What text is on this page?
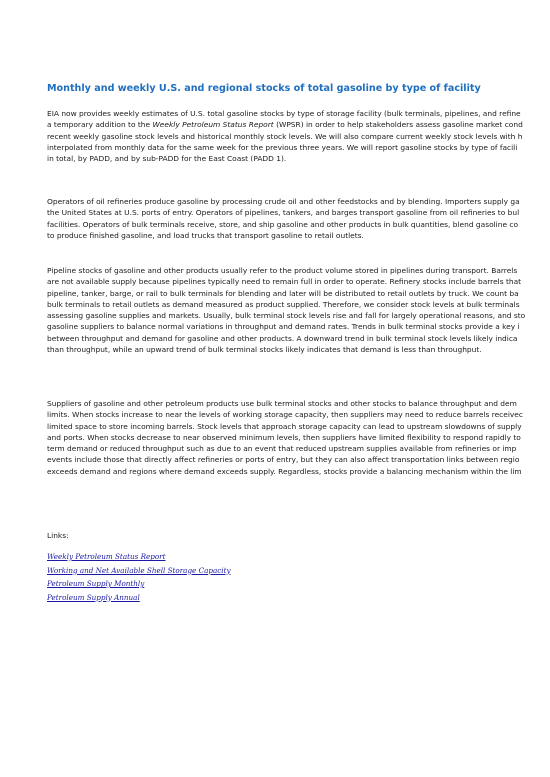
Monthly and weekly U.S. and regional stocks of total gasoline by type of facility

EIA now provides weekly estimates of U.S. total gasoline stocks by type of storage facility (bulk terminals, pipelines, and refine
a temporary addition to the Weekly Petroleum Status Report (WPSR) in order to help stakeholders assess gasoline market cond
recent weekly gasoline stock levels and historical monthly stock levels. We will also compare current weekly stock levels with h
interpolated from monthly data for the same week for the previous three years. We will report gasoline stocks by type of facili
in total, by PADD, and by sub-PADD for the East Coast (PADD 1).

Operators of oil refineries produce gasoline by processing crude oil and other feedstocks and by blending. Importers supply ga
the United States at U.S. ports of entry. Operators of pipelines, tankers, and barges transport gasoline from oil refineries to bul
facilities. Operators of bulk terminals receive, store, and ship gasoline and other products in bulk quantities, blend gasoline co
to produce finished gasoline, and load trucks that transport gasoline to retail outlets.

Pipeline stocks of gasoline and other products usually refer to the product volume stored in pipelines during transport. Barrels
are not available supply because pipelines typically need to remain full in order to operate. Refinery stocks include barrels that
pipeline, tanker, barge, or rail to bulk terminals for blending and later will be distributed to retail outlets by truck. We count ba
bulk terminals to retail outlets as demand measured as product supplied. Therefore, we consider stock levels at bulk terminals
assessing gasoline supplies and markets. Usually, bulk terminal stock levels rise and fall for largely operational reasons, and sto
gasoline suppliers to balance normal variations in throughput and demand rates. Trends in bulk terminal stocks provide a key i
between throughput and demand for gasoline and other products. A downward trend in bulk terminal stock levels likely indica
than throughput, while an upward trend of bulk terminal stocks likely indicates that demand is less than throughput.

Suppliers of gasoline and other petroleum products use bulk terminal stocks and other stocks to balance throughput and dem
limits. When stocks increase to near the levels of working storage capacity, then suppliers may need to reduce barrels receivec
limited space to store incoming barrels. Stock levels that approach storage capacity can lead to upstream slowdowns of supply
and ports. When stocks decrease to near observed minimum levels, then suppliers have limited flexibility to respond rapidly to
term demand or reduced throughput such as due to an event that reduced upstream supplies available from refineries or imp
events include those that directly affect refineries or ports of entry, but they can also affect transportation links between regio
exceeds demand and regions where demand exceeds supply. Regardless, stocks provide a balancing mechanism within the lim

Links:

Weekly Petroleum Status Report
Working and Net Available Shell Storage Capacity
Petroleum Supply Monthly
Petroleum Supply Annual
